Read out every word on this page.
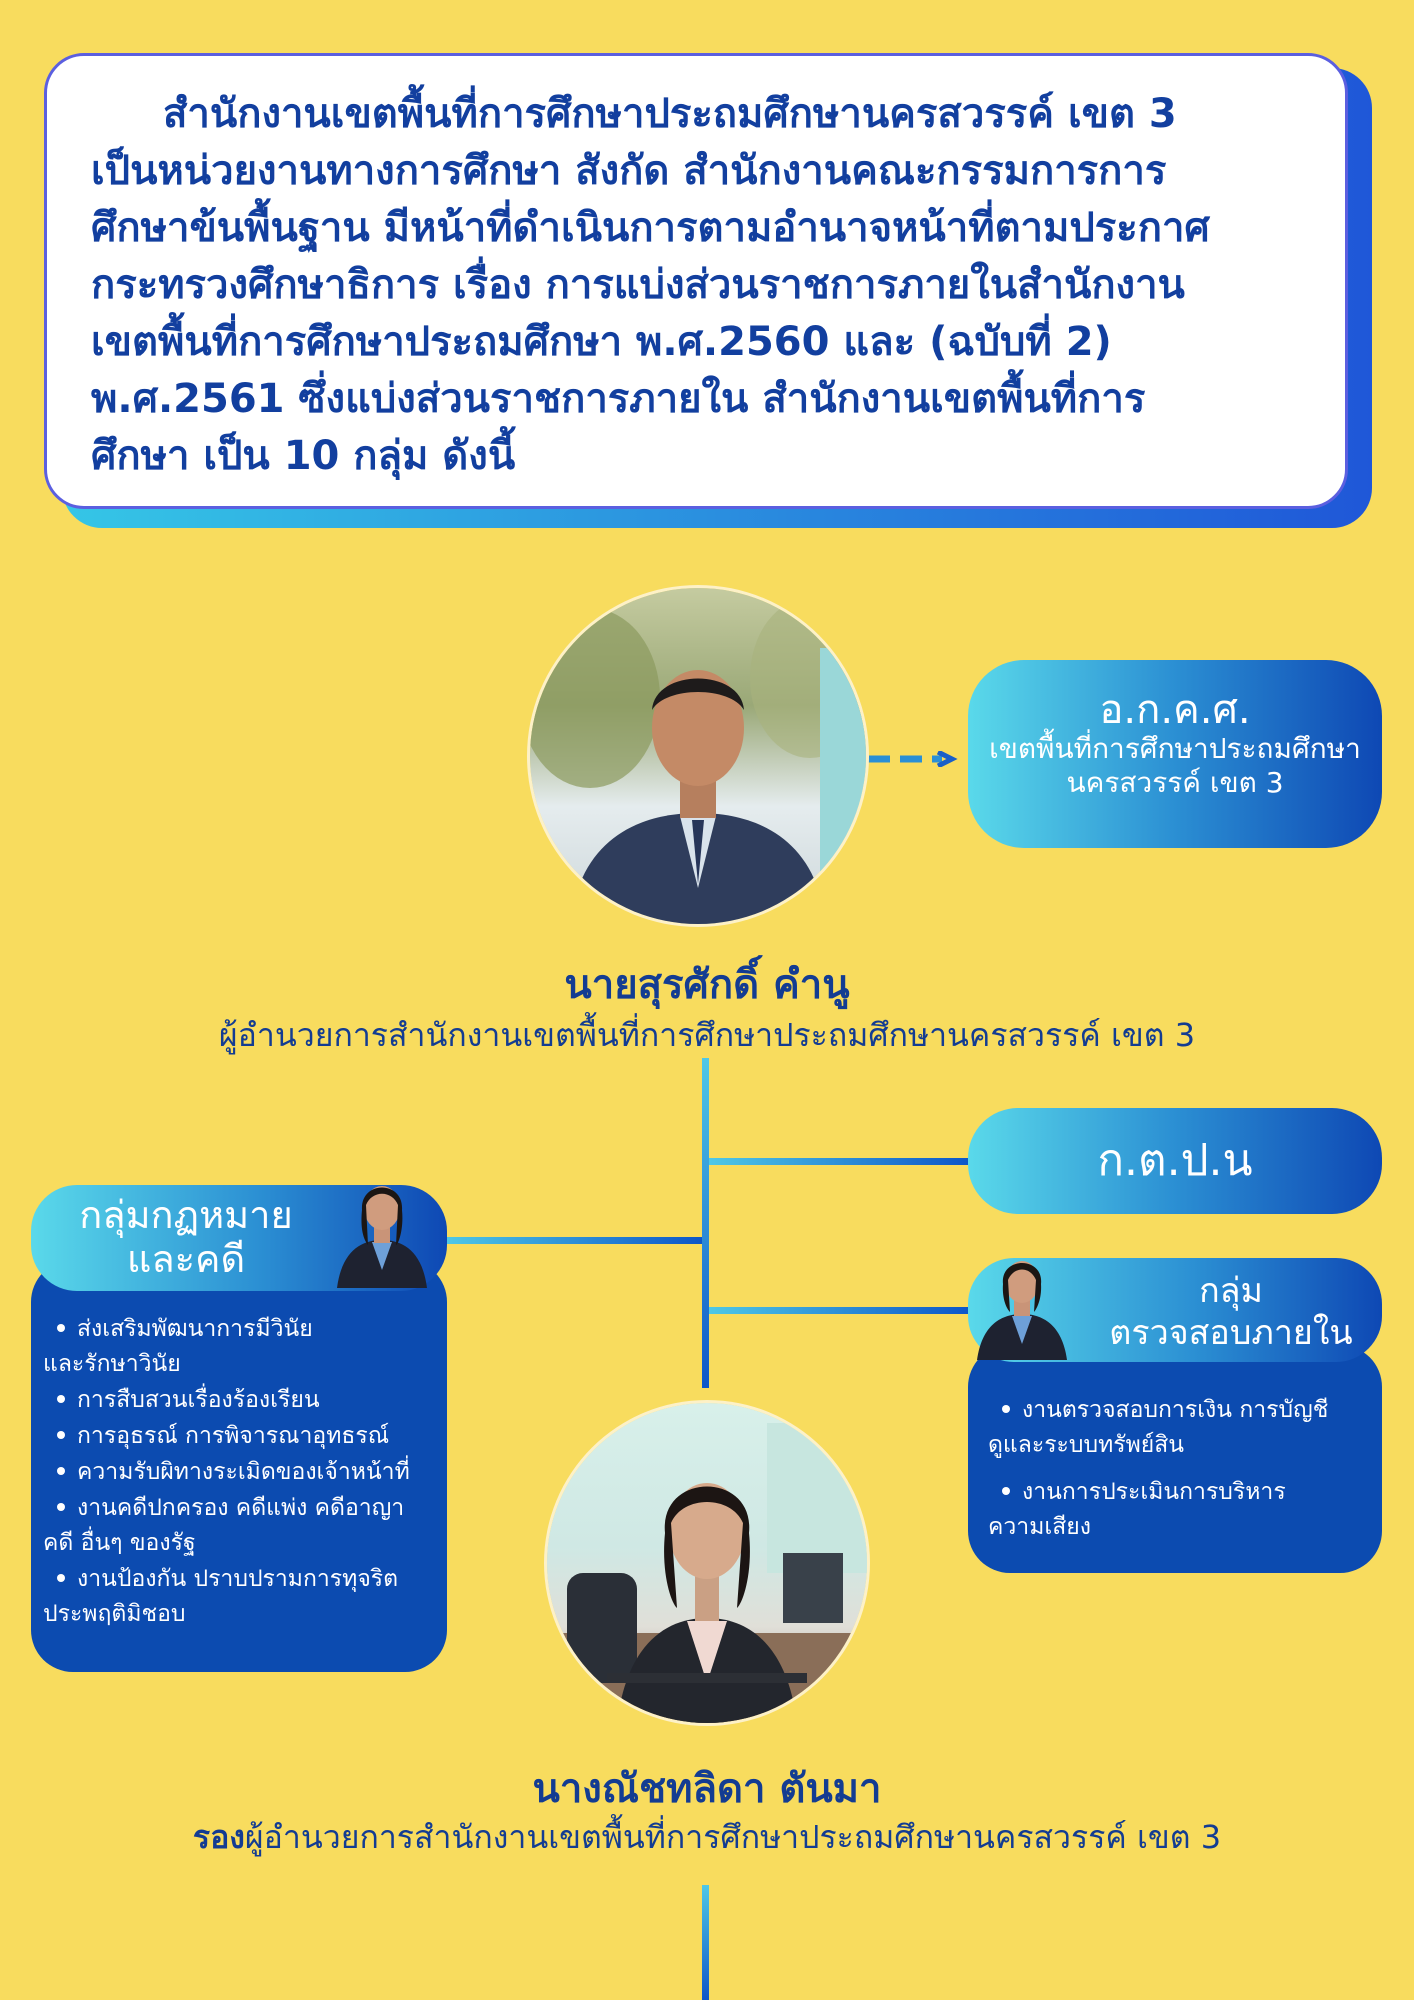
สำนักงานเขตพื้นที่การศึกษาประถมศึกษานครสวรรค์ เขต 3
เป็นหน่วยงานทางการศึกษา สังกัด สำนักงานคณะกรรมการการ
ศึกษาข้นพื้นฐาน มีหน้าที่ดำเนินการตามอำนาจหน้าที่ตามประกาศ
กระทรวงศึกษาธิการ เรื่อง การแบ่งส่วนราชการภายในสำนักงาน
เขตพื้นที่การศึกษาประถมศึกษา พ.ศ.2560 และ (ฉบับที่ 2)
พ.ศ.2561 ซึ่งแบ่งส่วนราชการภายใน สำนักงานเขตพื้นที่การ
ศึกษา เป็น 10 กลุ่ม ดังนี้
นายสุรศักดิ์ คำนู
ผู้อำนวยการสำนักงานเขตพื้นที่การศึกษาประถมศึกษานครสวรรค์ เขต 3
อ.ก.ค.ศ.
เขตพื้นที่การศึกษาประถมศึกษา
นครสวรรค์ เขต 3
ก.ต.ป.น
ส่งเสริมพัฒนาการมีวินัย
และรักษาวินัย
การสืบสวนเรื่องร้องเรียน
การอุธรณ์ การพิจารณาอุทธรณ์
ความรับผิทางระเมิดของเจ้าหน้าที่
งานคดีปกครอง คดีแพ่ง คดีอาญา
คดี อื่นๆ ของรัฐ
งานป้องกัน ปราบปรามการทุจริต
ประพฤติมิชอบ
กลุ่มกฏหมาย
และคดี
งานตรวจสอบการเงิน การบัญชี
ดูและระบบทรัพย์สิน
งานการประเมินการบริหาร
ความเสียง
กลุ่ม
ตรวจสอบภายใน
นางณัชทลิดา ตันมา
รองผู้อำนวยการสำนักงานเขตพื้นที่การศึกษาประถมศึกษานครสวรรค์ เขต 3
